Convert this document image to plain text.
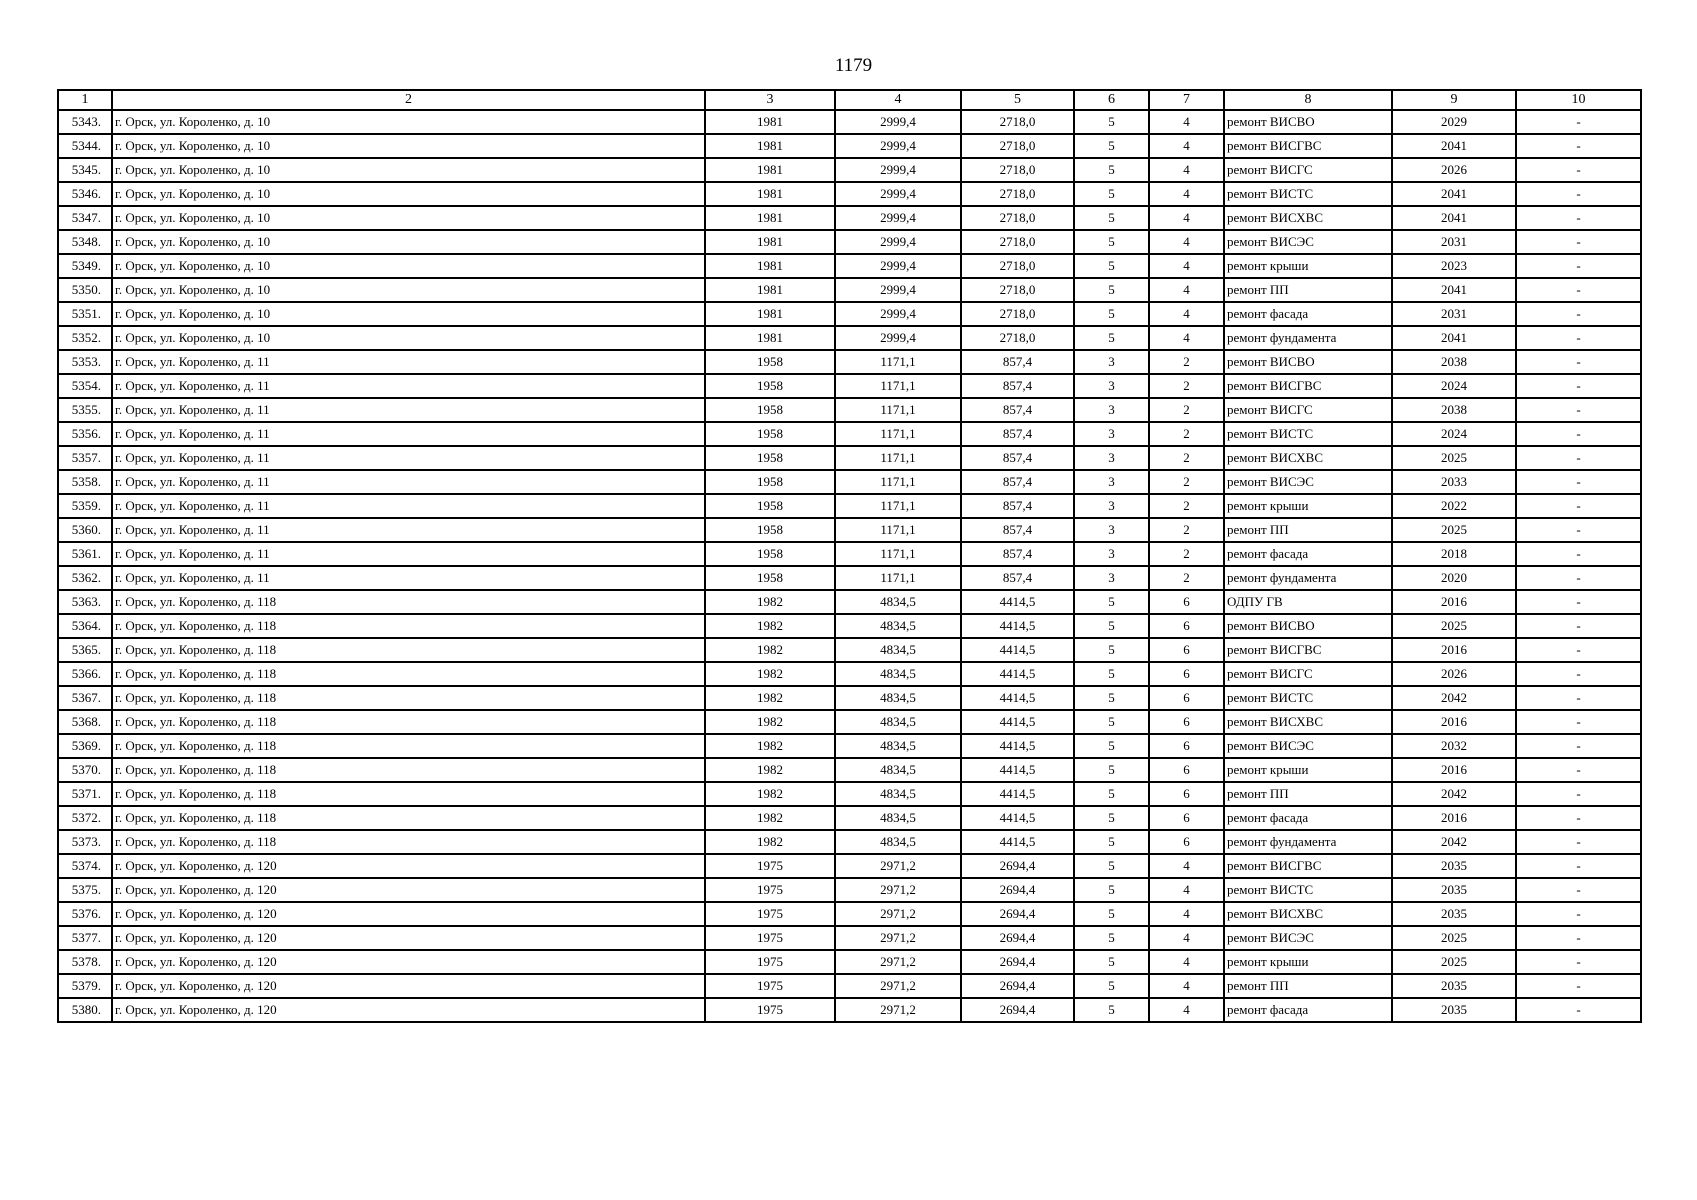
1179
1	2	3	4	5	6	7	8	9	10
5343.	г. Орск, ул. Короленко, д. 10	1981	2999,4	2718,0	5	4	ремонт ВИСВО	2029	-
5344.	г. Орск, ул. Короленко, д. 10	1981	2999,4	2718,0	5	4	ремонт ВИСГВС	2041	-
5345.	г. Орск, ул. Короленко, д. 10	1981	2999,4	2718,0	5	4	ремонт ВИСГС	2026	-
5346.	г. Орск, ул. Короленко, д. 10	1981	2999,4	2718,0	5	4	ремонт ВИСТС	2041	-
5347.	г. Орск, ул. Короленко, д. 10	1981	2999,4	2718,0	5	4	ремонт ВИСХВС	2041	-
5348.	г. Орск, ул. Короленко, д. 10	1981	2999,4	2718,0	5	4	ремонт ВИСЭС	2031	-
5349.	г. Орск, ул. Короленко, д. 10	1981	2999,4	2718,0	5	4	ремонт крыши	2023	-
5350.	г. Орск, ул. Короленко, д. 10	1981	2999,4	2718,0	5	4	ремонт ПП	2041	-
5351.	г. Орск, ул. Короленко, д. 10	1981	2999,4	2718,0	5	4	ремонт фасада	2031	-
5352.	г. Орск, ул. Короленко, д. 10	1981	2999,4	2718,0	5	4	ремонт фундамента	2041	-
5353.	г. Орск, ул. Короленко, д. 11	1958	1171,1	857,4	3	2	ремонт ВИСВО	2038	-
5354.	г. Орск, ул. Короленко, д. 11	1958	1171,1	857,4	3	2	ремонт ВИСГВС	2024	-
5355.	г. Орск, ул. Короленко, д. 11	1958	1171,1	857,4	3	2	ремонт ВИСГС	2038	-
5356.	г. Орск, ул. Короленко, д. 11	1958	1171,1	857,4	3	2	ремонт ВИСТС	2024	-
5357.	г. Орск, ул. Короленко, д. 11	1958	1171,1	857,4	3	2	ремонт ВИСХВС	2025	-
5358.	г. Орск, ул. Короленко, д. 11	1958	1171,1	857,4	3	2	ремонт ВИСЭС	2033	-
5359.	г. Орск, ул. Короленко, д. 11	1958	1171,1	857,4	3	2	ремонт крыши	2022	-
5360.	г. Орск, ул. Короленко, д. 11	1958	1171,1	857,4	3	2	ремонт ПП	2025	-
5361.	г. Орск, ул. Короленко, д. 11	1958	1171,1	857,4	3	2	ремонт фасада	2018	-
5362.	г. Орск, ул. Короленко, д. 11	1958	1171,1	857,4	3	2	ремонт фундамента	2020	-
5363.	г. Орск, ул. Короленко, д. 118	1982	4834,5	4414,5	5	6	ОДПУ ГВ	2016	-
5364.	г. Орск, ул. Короленко, д. 118	1982	4834,5	4414,5	5	6	ремонт ВИСВО	2025	-
5365.	г. Орск, ул. Короленко, д. 118	1982	4834,5	4414,5	5	6	ремонт ВИСГВС	2016	-
5366.	г. Орск, ул. Короленко, д. 118	1982	4834,5	4414,5	5	6	ремонт ВИСГС	2026	-
5367.	г. Орск, ул. Короленко, д. 118	1982	4834,5	4414,5	5	6	ремонт ВИСТС	2042	-
5368.	г. Орск, ул. Короленко, д. 118	1982	4834,5	4414,5	5	6	ремонт ВИСХВС	2016	-
5369.	г. Орск, ул. Короленко, д. 118	1982	4834,5	4414,5	5	6	ремонт ВИСЭС	2032	-
5370.	г. Орск, ул. Короленко, д. 118	1982	4834,5	4414,5	5	6	ремонт крыши	2016	-
5371.	г. Орск, ул. Короленко, д. 118	1982	4834,5	4414,5	5	6	ремонт ПП	2042	-
5372.	г. Орск, ул. Короленко, д. 118	1982	4834,5	4414,5	5	6	ремонт фасада	2016	-
5373.	г. Орск, ул. Короленко, д. 118	1982	4834,5	4414,5	5	6	ремонт фундамента	2042	-
5374.	г. Орск, ул. Короленко, д. 120	1975	2971,2	2694,4	5	4	ремонт ВИСГВС	2035	-
5375.	г. Орск, ул. Короленко, д. 120	1975	2971,2	2694,4	5	4	ремонт ВИСТС	2035	-
5376.	г. Орск, ул. Короленко, д. 120	1975	2971,2	2694,4	5	4	ремонт ВИСХВС	2035	-
5377.	г. Орск, ул. Короленко, д. 120	1975	2971,2	2694,4	5	4	ремонт ВИСЭС	2025	-
5378.	г. Орск, ул. Короленко, д. 120	1975	2971,2	2694,4	5	4	ремонт крыши	2025	-
5379.	г. Орск, ул. Короленко, д. 120	1975	2971,2	2694,4	5	4	ремонт ПП	2035	-
5380.	г. Орск, ул. Короленко, д. 120	1975	2971,2	2694,4	5	4	ремонт фасада	2035	-
